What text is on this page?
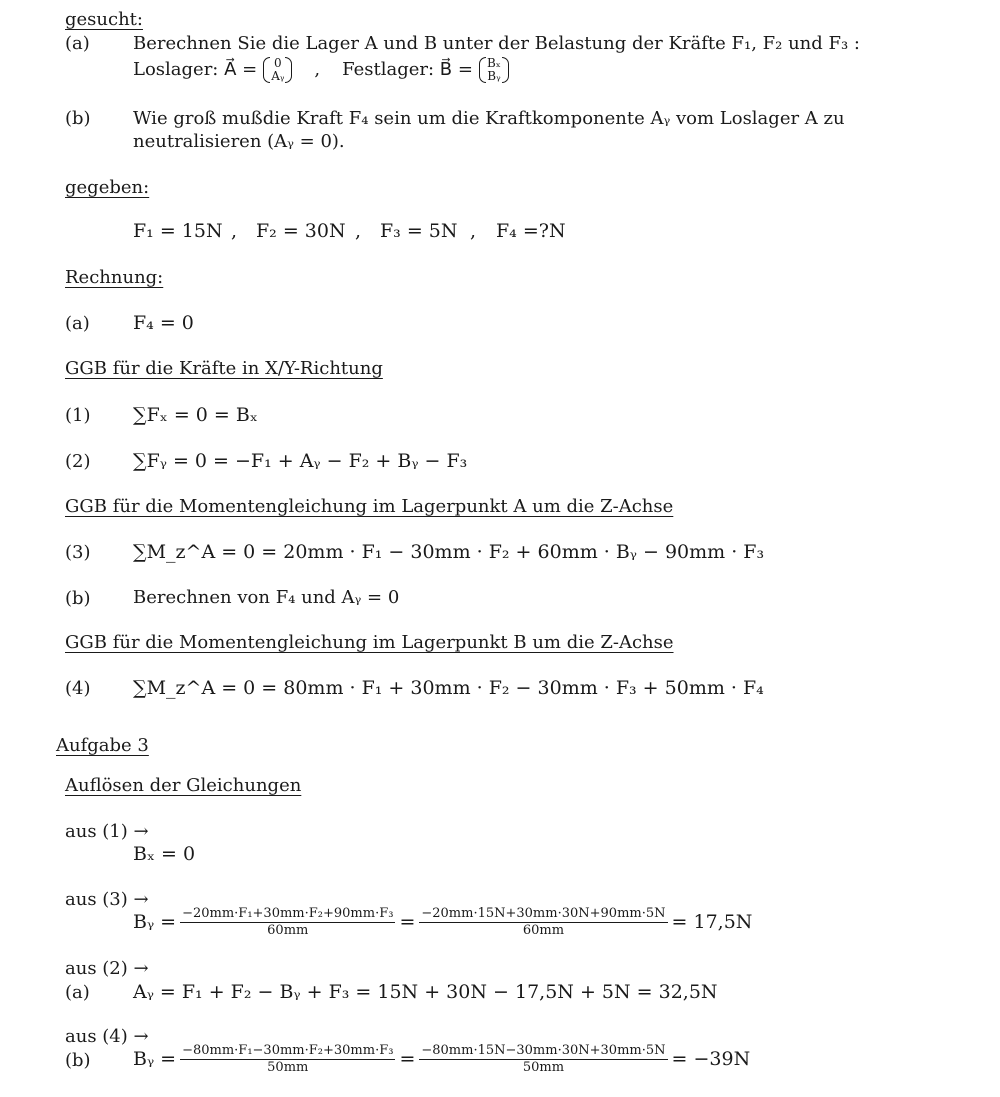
gesucht:
(a) Berechnen Sie die Lager A und B unter der Belastung der Kräfte F₁, F₂ und F₃ :
Loslager: A⃗ = 0
Aᵧ , Festlager: B⃗ = Bₓ
Bᵧ
(b) Wie groß mußdie Kraft F₄ sein um die Kraftkomponente Aᵧ vom Loslager A zu
neutralisieren (Aᵧ = 0).
gegeben:
F₁ = 15N , F₂ = 30N , F₃ = 5N , F₄ =?N
Rechnung:
(a) F₄ = 0
GGB für die Kräfte in X/Y-Richtung
(1) ∑Fₓ = 0 = Bₓ
(2) ∑Fᵧ = 0 = −F₁ + Aᵧ − F₂ + Bᵧ − F₃
GGB für die Momentengleichung im Lagerpunkt A um die Z-Achse
(3) ∑M_z^A = 0 = 20mm · F₁ − 30mm · F₂ + 60mm · Bᵧ − 90mm · F₃
(b) Berechnen von F₄ und Aᵧ = 0
GGB für die Momentengleichung im Lagerpunkt B um die Z-Achse
(4) ∑M_z^A = 0 = 80mm · F₁ + 30mm · F₂ − 30mm · F₃ + 50mm · F₄
Aufgabe 3
Auflösen der Gleichungen
aus (1) →
Bₓ = 0
aus (3) →
Bᵧ = $\frac{\text{−20mm·F₁+30mm·F₂+90mm·F₃}}{60mm} = \frac{-20mm\cdot 15N+30mm\cdot 30N+90mm\cdot 5N}{60mm} = 17,5N$
aus (2) →
(a) Aᵧ = F₁ + F₂ − Bᵧ + F₃ = 15N + 30N − 17,5N + 5N = 32,5N
aus (4) →
(b) Bᵧ = $\frac{\text{−80mm·F₁−30mm·F₂+30mm·F₃}}{50mm} = \frac{-80mm\cdot 15N-30mm\cdot 30N+30mm\cdot 5N}{50mm} = -39N$
